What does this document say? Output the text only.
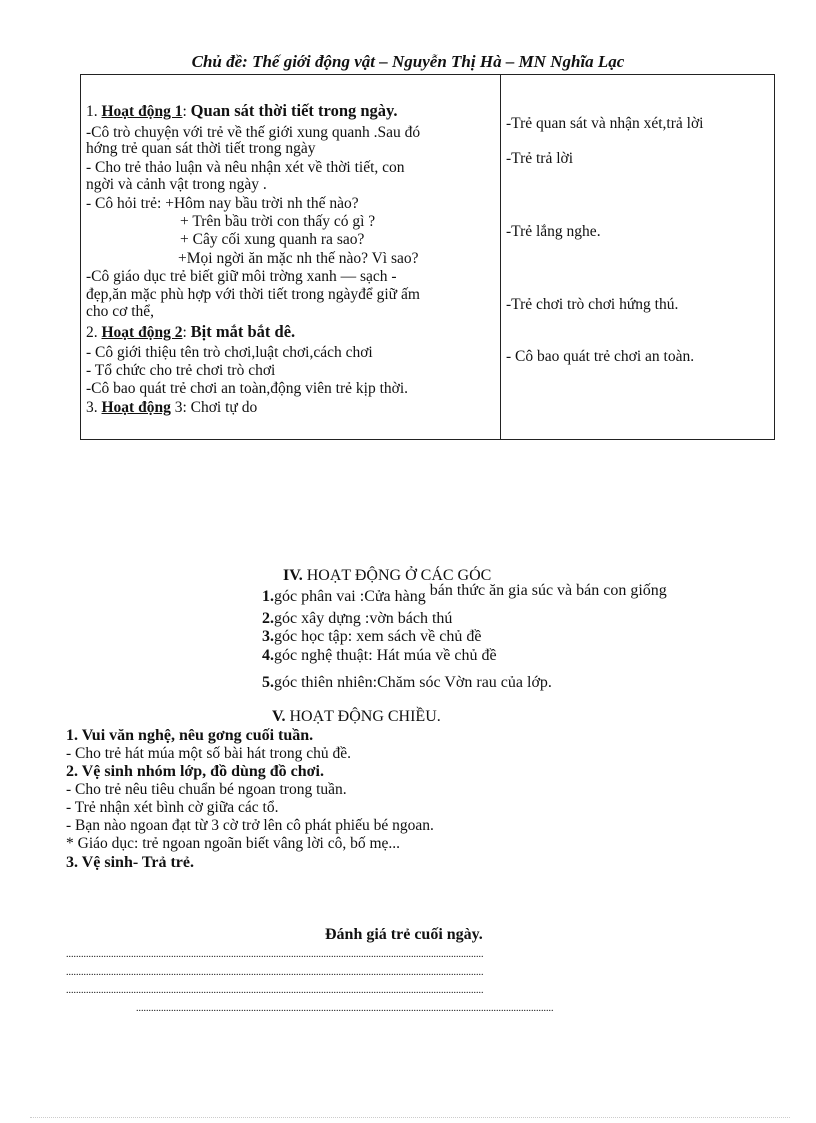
Chủ đề: Thế giới động vật – Nguyễn Thị Hà – MN Nghĩa Lạc
1. Hoạt động 1: Quan sát thời tiết trong ngày.
-Cô trò chuyện với trẻ về thế giới xung quanh .Sau đó
hớng trẻ quan sát thời tiết trong ngày
- Cho trẻ thảo luận và nêu nhận xét về thời tiết, con
ngời và cảnh vật trong ngày .
- Cô hỏi trẻ: +Hôm nay bầu trời nh thế nào?
+ Trên bầu trời con thấy có gì ?
+ Cây cối xung quanh ra sao?
+Mọi ngời ăn mặc nh thế nào? Vì sao?
-Cô giáo dục trẻ biết giữ môi trờng xanh — sạch -
đẹp,ăn mặc phù hợp với thời tiết trong ngàyđể giữ ấm
cho cơ thể,
2. Hoạt động 2: Bịt mắt bắt dê.
- Cô giới thiệu tên trò chơi,luật chơi,cách chơi
- Tổ chức cho trẻ chơi trò chơi
-Cô bao quát trẻ chơi an toàn,động viên trẻ kịp thời.
3. Hoạt động 3: Chơi tự do
-Trẻ quan sát và nhận xét,trả lời
-Trẻ trả lời
-Trẻ lắng nghe.
-Trẻ chơi trò chơi hứng thú.
- Cô bao quát trẻ chơi an toàn.
IV. HOẠT ĐỘNG Ở CÁC GÓC
1.góc phân vai :Cửa hàng bán thức ăn gia súc và bán con giống
2.góc xây dựng :vờn bách thú
3.góc học tập: xem sách về chủ đề
4.góc nghệ thuật: Hát múa về chủ đề
5.góc thiên nhiên:Chăm sóc Vờn rau của lớp.
V. HOẠT ĐỘNG CHIỀU.
1. Vui văn nghệ, nêu gơng cuối tuần.
- Cho trẻ hát múa một số bài hát trong chủ đề.
2. Vệ sinh nhóm lớp, đồ dùng đồ chơi.
- Cho trẻ nêu tiêu chuẩn bé ngoan trong tuần.
- Trẻ nhận xét bình cờ giữa các tổ.
- Bạn nào ngoan đạt từ 3 cờ trở lên cô phát phiếu bé ngoan.
* Giáo dục: trẻ ngoan ngoãn biết vâng lời cô, bố mẹ...
3. Vệ sinh- Trả trẻ.
Đánh giá trẻ cuối ngày.
.......................................................................................................................................................................
.......................................................................................................................................................................
.......................................................................................................................................................................
.......................................................................................................................................................................
